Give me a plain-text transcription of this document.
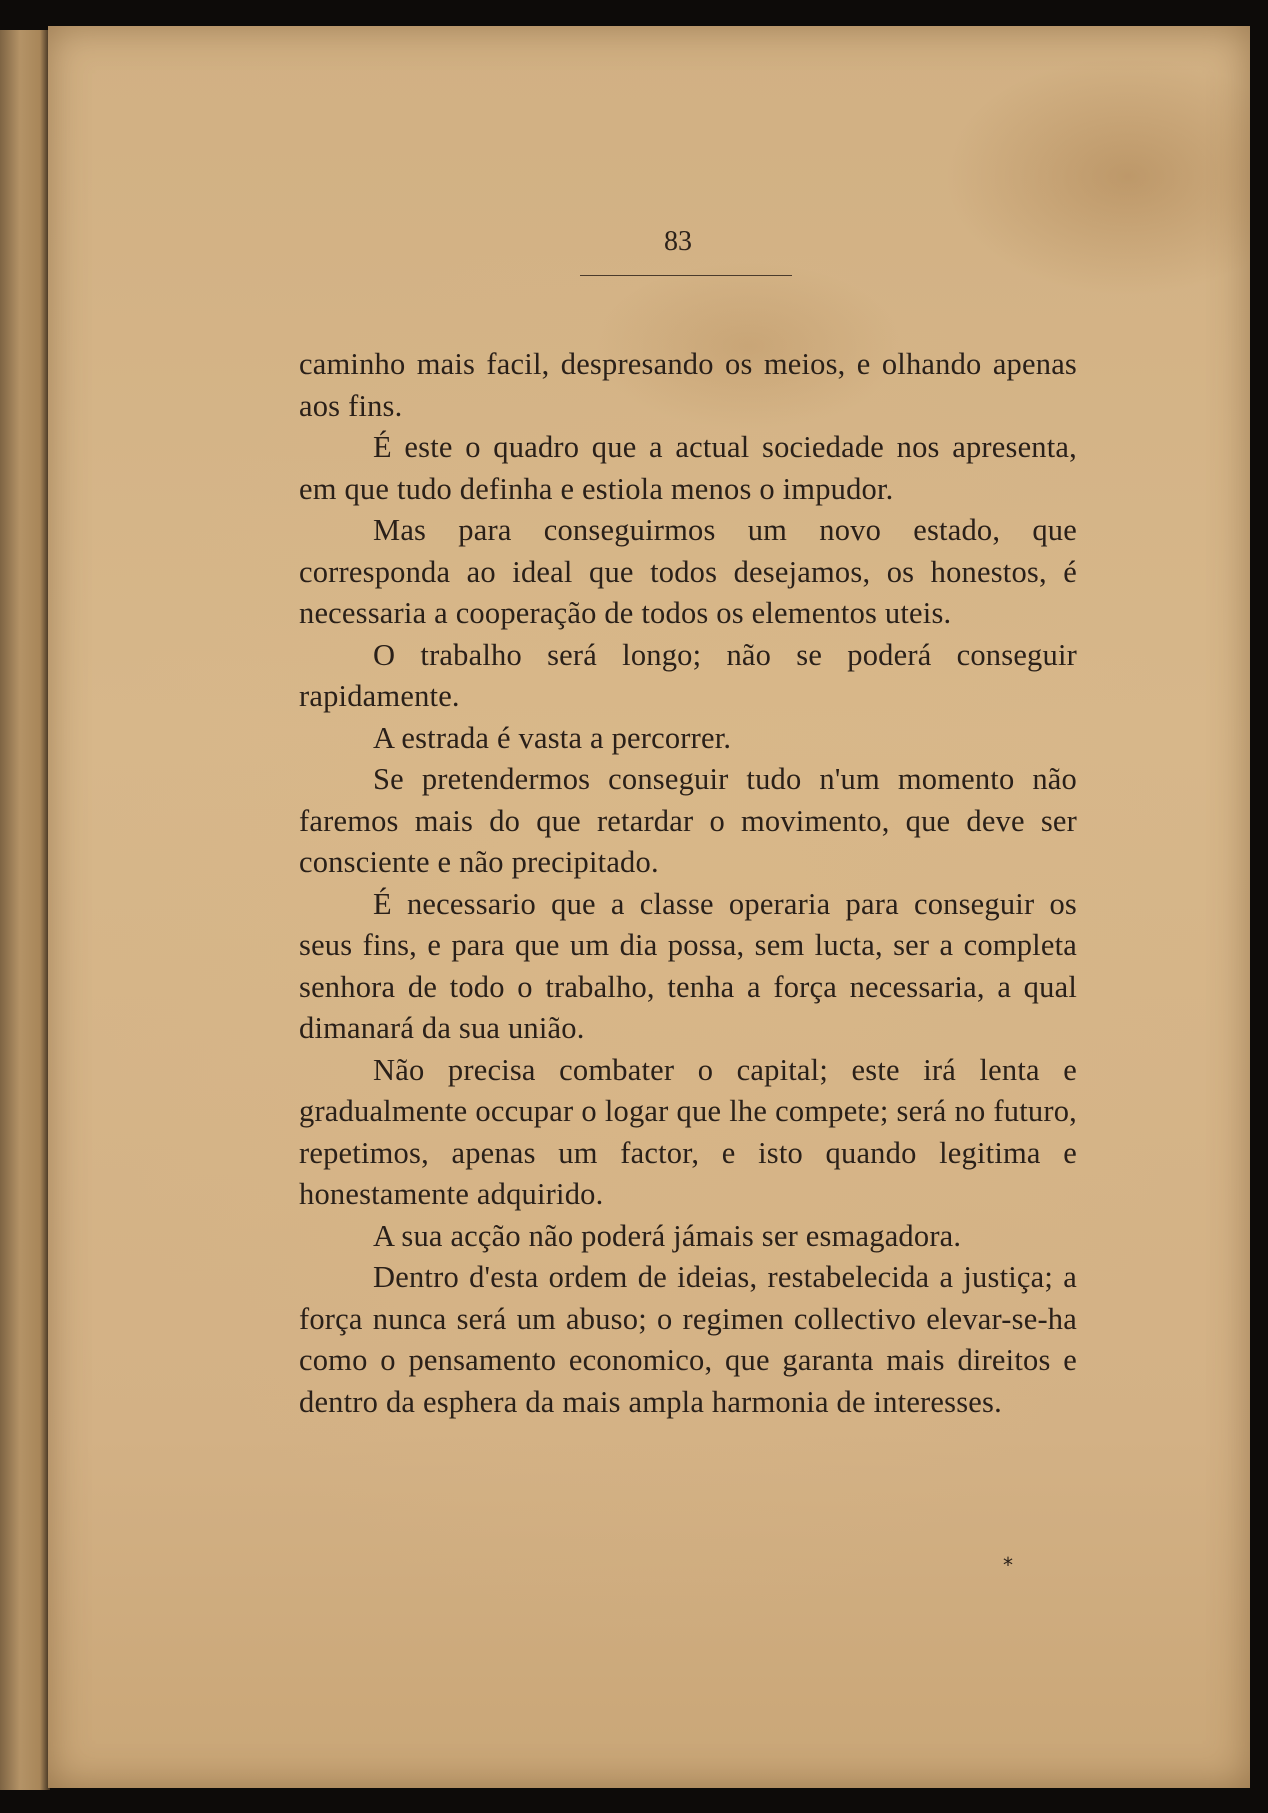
83

caminho mais facil, despresando os meios, e olhando apenas aos fins.

É este o quadro que a actual sociedade nos apresenta, em que tudo definha e estiola menos o impudor.

Mas para conseguirmos um novo estado, que corresponda ao ideal que todos desejamos, os honestos, é necessaria a cooperação de todos os elementos uteis.

O trabalho será longo; não se poderá conseguir rapidamente.

A estrada é vasta a percorrer.

Se pretendermos conseguir tudo n'um momento não faremos mais do que retardar o movimento, que deve ser consciente e não precipitado.

É necessario que a classe operaria para conseguir os seus fins, e para que um dia possa, sem lucta, ser a completa senhora de todo o trabalho, tenha a força necessaria, a qual dimanará da sua união.

Não precisa combater o capital; este irá lenta e gradualmente occupar o logar que lhe compete; será no futuro, repetimos, apenas um factor, e isto quando legitima e honestamente adquirido.

A sua acção não poderá jámais ser esmagadora.

Dentro d'esta ordem de ideias, restabelecida a justiça; a força nunca será um abuso; o regimen collectivo elevar-se-ha como o pensamento economico, que garanta mais direitos e dentro da esphera da mais ampla harmonia de interesses.

*
